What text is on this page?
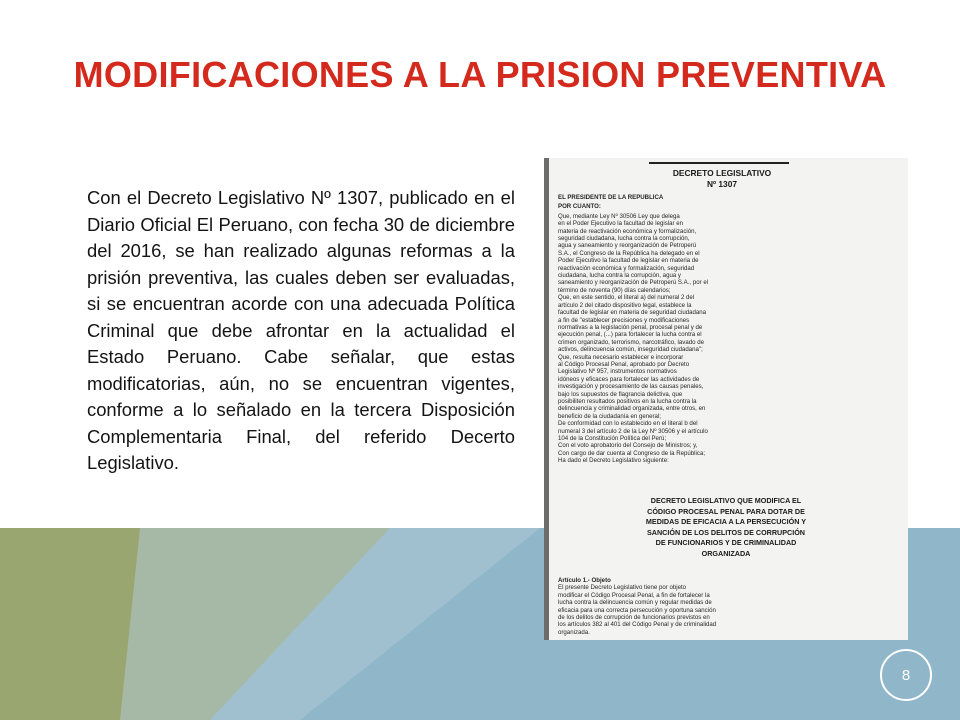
MODIFICACIONES A LA PRISION PREVENTIVA

Con el Decreto Legislativo Nº 1307, publicado en el Diario Oficial El Peruano, con fecha 30 de diciembre del 2016, se han realizado algunas reformas a la prisión preventiva, las cuales deben ser evaluadas, si se encuentran acorde con una adecuada Política Criminal que debe afrontar en la actualidad el Estado Peruano. Cabe señalar, que estas modificatorias, aún, no se encuentran vigentes, conforme a lo señalado en la tercera Disposición Complementaria Final, del referido Decerto Legislativo.

DECRETO LEGISLATIVO
Nº 1307

EL PRESIDENTE DE LA REPÚBLICA

POR CUANTO:

Que, mediante Ley Nº 30506 Ley que delega

en el Poder Ejecutivo la facultad de legislar en

materia de reactivación económica y formalización,

seguridad ciudadana, lucha contra la corrupción,

agua y saneamiento y reorganización de Petroperú

S.A., el Congreso de la República ha delegado en el

Poder Ejecutivo la facultad de legislar en materia de

reactivación económica y formalización, seguridad

ciudadana, lucha contra la corrupción, agua y

saneamiento y reorganización de Petroperú S.A., por el

término de noventa (90) días calendarios;

Que, en este sentido, el literal a) del numeral 2 del

artículo 2 del citado dispositivo legal, establece la

facultad de legislar en materia de seguridad ciudadana

a fin de "establecer precisiones y modificaciones

normativas a la legislación penal, procesal penal y de

ejecución penal, (...) para fortalecer la lucha contra el

crimen organizado, terrorismo, narcotráfico, lavado de

activos, delincuencia común, inseguridad ciudadana";

Que, resulta necesario establecer e incorporar

al Código Procesal Penal, aprobado por Decreto

Legislativo Nº 957, instrumentos normativos

idóneos y eficaces para fortalecer las actividades de

investigación y procesamiento de las causas penales,

bajo los supuestos de flagrancia delictiva, que

posibiliten resultados positivos en la lucha contra la

delincuencia y criminalidad organizada, entre otros, en

beneficio de la ciudadanía en general;

De conformidad con lo establecido en el literal b del

numeral 3 del artículo 2 de la Ley Nº 30506 y el artículo

104 de la Constitución Política del Perú;

Con el voto aprobatorio del Consejo de Ministros; y,

Con cargo de dar cuenta al Congreso de la República;

Ha dado el Decreto Legislativo siguiente:

DECRETO LEGISLATIVO QUE MODIFICA EL
CÓDIGO PROCESAL PENAL PARA DOTAR DE
MEDIDAS DE EFICACIA A LA PERSECUCIÓN Y
SANCIÓN DE LOS DELITOS DE CORRUPCIÓN
DE FUNCIONARIOS Y DE CRIMINALIDAD
ORGANIZADA

Artículo 1.- Objeto

El presente Decreto Legislativo tiene por objeto

modificar el Código Procesal Penal, a fin de fortalecer la

lucha contra la delincuencia común y regular medidas de

eficacia para una correcta persecución y oportuna sanción

de los delitos de corrupción de funcionarios previstos en

los artículos 382 al 401 del Código Penal y de criminalidad

organizada.

8
